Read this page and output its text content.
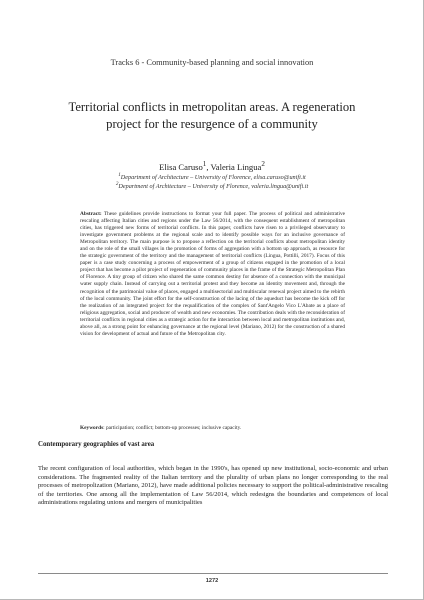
Tracks 6 - Community-based planning and social innovation
Territorial conflicts in metropolitan areas. A regeneration project for the resurgence of a community
Elisa Caruso$^1$, Valeria Lingua$^2$
$^1$Department of Architecture – University of Florence, elisa.caruso@unifi.it
$^2$Department of Architecture – University of Florence, valeria.lingua@unifi.it
Abstract: These guidelines provide instructions to format your full paper. The process of political and administrative rescaling affecting Italian cities and regions under the Law 56/2014, with the consequent establishment of metropolitan cities, has triggered new forms of territorial conflicts. In this paper, conflicts have risen to a privileged observatory to investigate government problems at the regional scale and to identify possible ways for an inclusive governance of Metropolitan territory. The main purpose is to propose a reflection on the territorial conflicts about metropolitan identity and on the role of the small villages in the promotion of forms of aggregation with a bottom up approach, as resource for the strategic government of the territory and the management of territorial conflicts (Lingua, Pottilli, 2017). Focus of this paper is a case study concerning a process of empowerment of a group of citizens engaged in the promotion of a local project that has become a pilot project of regeneration of community places in the frame of the Strategic Metropolitan Plan of Florence. A tiny group of citizen who shared the same common destiny for absence of a connection with the municipal water supply chain. Instead of carrying out a territorial protest and they become an identity movement and, through the recognition of the patrimonial value of places, engaged a multisectorial and multiscalar renewal project aimed to the rebirth of the local community. The joint effort for the self-construction of the lacing of the aqueduct has become the kick off for the realization of an integrated project for the requalification of the complex of Sant'Angelo Vico L'Abate as a place of religious aggregation, social and producer of wealth and new economies. The contribution deals with the reconsideration of territorial conflicts in regional cities as a strategic action for the interaction between local and metropolitan institutions and, above all, as a strong point for enhancing governance at the regional level (Mariano, 2012) for the construction of a shared vision for development of actual and future of the Metropolitan city.
Keywords: participation; conflict; bottom-up processes; inclusive capacity.
Contemporary geographies of vast area
The recent configuration of local authorities, which began in the 1990's, has opened up new institutional, socio-economic and urban considerations. The fragmented reality of the Italian territory and the plurality of urban plans no longer corresponding to the real processes of metropolization (Mariano, 2012), have made additional policies necessary to support the political-administrative rescaling of the territories. One among all the implementation of Law 56/2014, which redesigns the boundaries and competences of local administrations regulating unions and mergers of municipalities
1272
